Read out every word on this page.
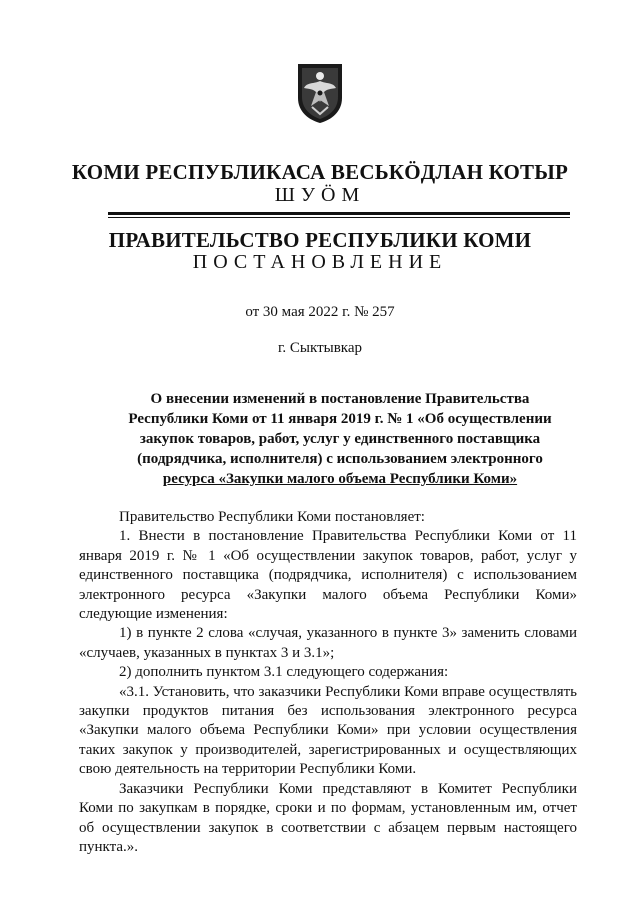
КОМИ РЕСПУБЛИКАСА ВЕСЬКӦДЛАН КОТЫР
ШУӦМ
ПРАВИТЕЛЬСТВО РЕСПУБЛИКИ КОМИ
ПОСТАНОВЛЕНИЕ
от 30 мая 2022 г. № 257
г. Сыктывкар
О внесении изменений в постановление Правительства
Республики Коми от 11 января 2019 г. № 1 «Об осуществлении
закупок товаров, работ, услуг у единственного поставщика
(подрядчика, исполнителя) с использованием электронного
ресурса «Закупки малого объема Республики Коми»

Правительство Республики Коми постановляет:

1. Внести в постановление Правительства Республики Коми от 11 января 2019 г. № 1 «Об осуществлении закупок товаров, работ, услуг у единственного поставщика (подрядчика, исполнителя) с использованием электронного ресурса «Закупки малого объема Республики Коми» следующие изменения:

1) в пункте 2 слова «случая, указанного в пункте 3» заменить словами «случаев, указанных в пунктах 3 и 3.1»;

2) дополнить пунктом 3.1 следующего содержания:

«3.1. Установить, что заказчики Республики Коми вправе осуществлять закупки продуктов питания без использования электронного ресурса «Закупки малого объема Республики Коми» при условии осуществления таких закупок у производителей, зарегистрированных и осуществляющих свою деятельность на территории Республики Коми.

Заказчики Республики Коми представляют в Комитет Республики Коми по закупкам в порядке, сроки и по формам, установленным им, отчет об осуществлении закупок в соответствии с абзацем первым настоящего пункта.».
